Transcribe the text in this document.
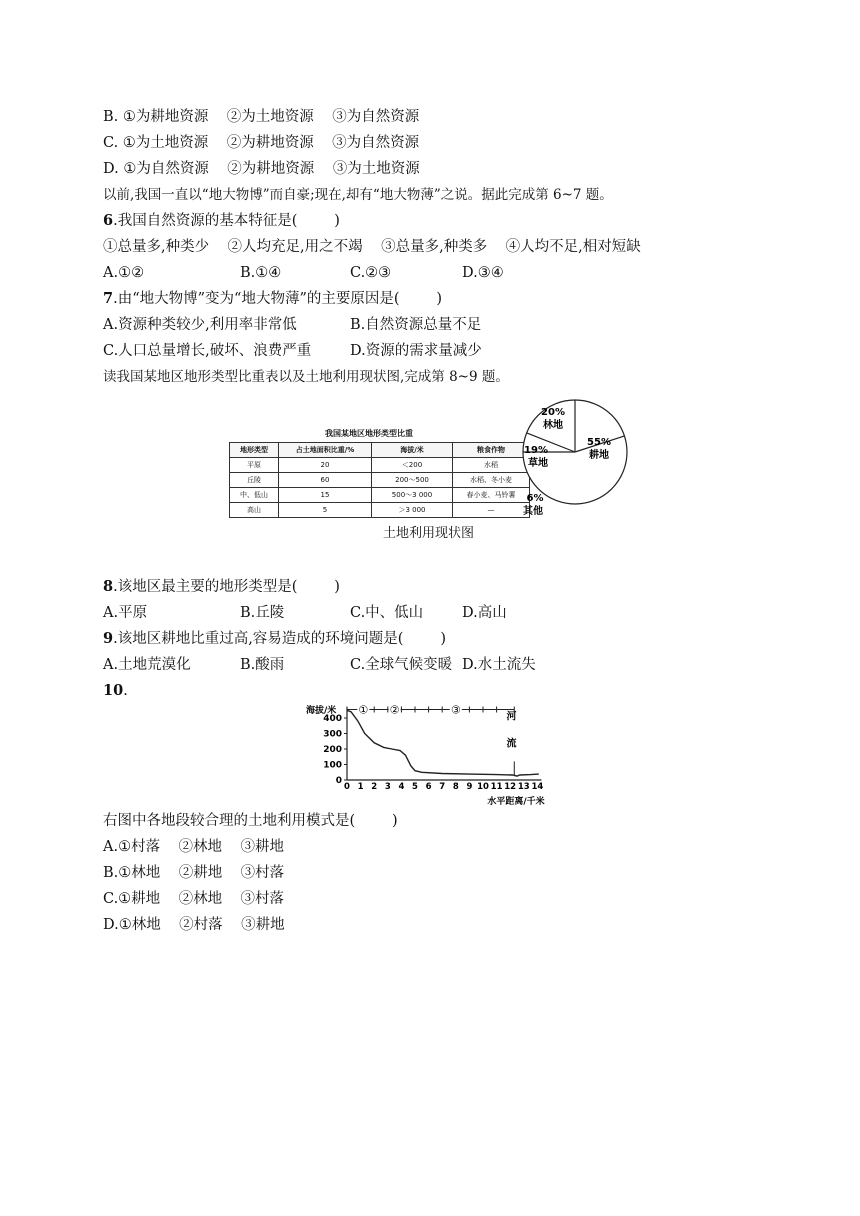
B. ①为耕地资源    ②为土地资源    ③为自然资源
C. ①为土地资源    ②为耕地资源    ③为自然资源
D. ①为自然资源    ②为耕地资源    ③为土地资源
以前,我国一直以“地大物博”而自豪;现在,却有“地大物薄”之说。据此完成第 6~7 题。
6.我国自然资源的基本特征是(        )
①总量多,种类少    ②人均充足,用之不竭    ③总量多,种类多    ④人均不足,相对短缺
A.①②	B.①④	C.②③	D.③④
7.由“地大物博”变为“地大物薄”的主要原因是(        )
A.资源种类较少,利用率非常低	B.自然资源总量不足
C.人口总量增长,破坏、浪费严重	D.资源的需求量减少
读我国某地区地形类型比重表以及土地利用现状图,完成第 8~9 题。
我国某地区地形类型比重
地形类型	占土地面积比重/%	海拔/米	粮食作物
平原	20	＜200	水稻
丘陵	60	200～500	水稻、冬小麦
中、低山	15	500～3 000	春小麦、马铃薯
高山	5	＞3 000	—
20%
林地
55%
耕地
19%
草地
6%
其他
土地利用现状图
8.该地区最主要的地形类型是(        )
A.平原	B.丘陵	C.中、低山	D.高山
9.该地区耕地比重过高,容易造成的环境问题是(        )
A.土地荒漠化	B.酸雨	C.全球气候变暖 D.水土流失
10.
海拔/米
0
100
200
300
400
0 1 2 3 4 5 6 7 8 9 10 11 12 13 14
① ②	③
河
流
水平距离/千米
右图中各地段较合理的土地利用模式是(        )
A.①村落    ②林地    ③耕地
B.①林地    ②耕地    ③村落
C.①耕地    ②林地    ③村落
D.①林地    ②村落    ③耕地
